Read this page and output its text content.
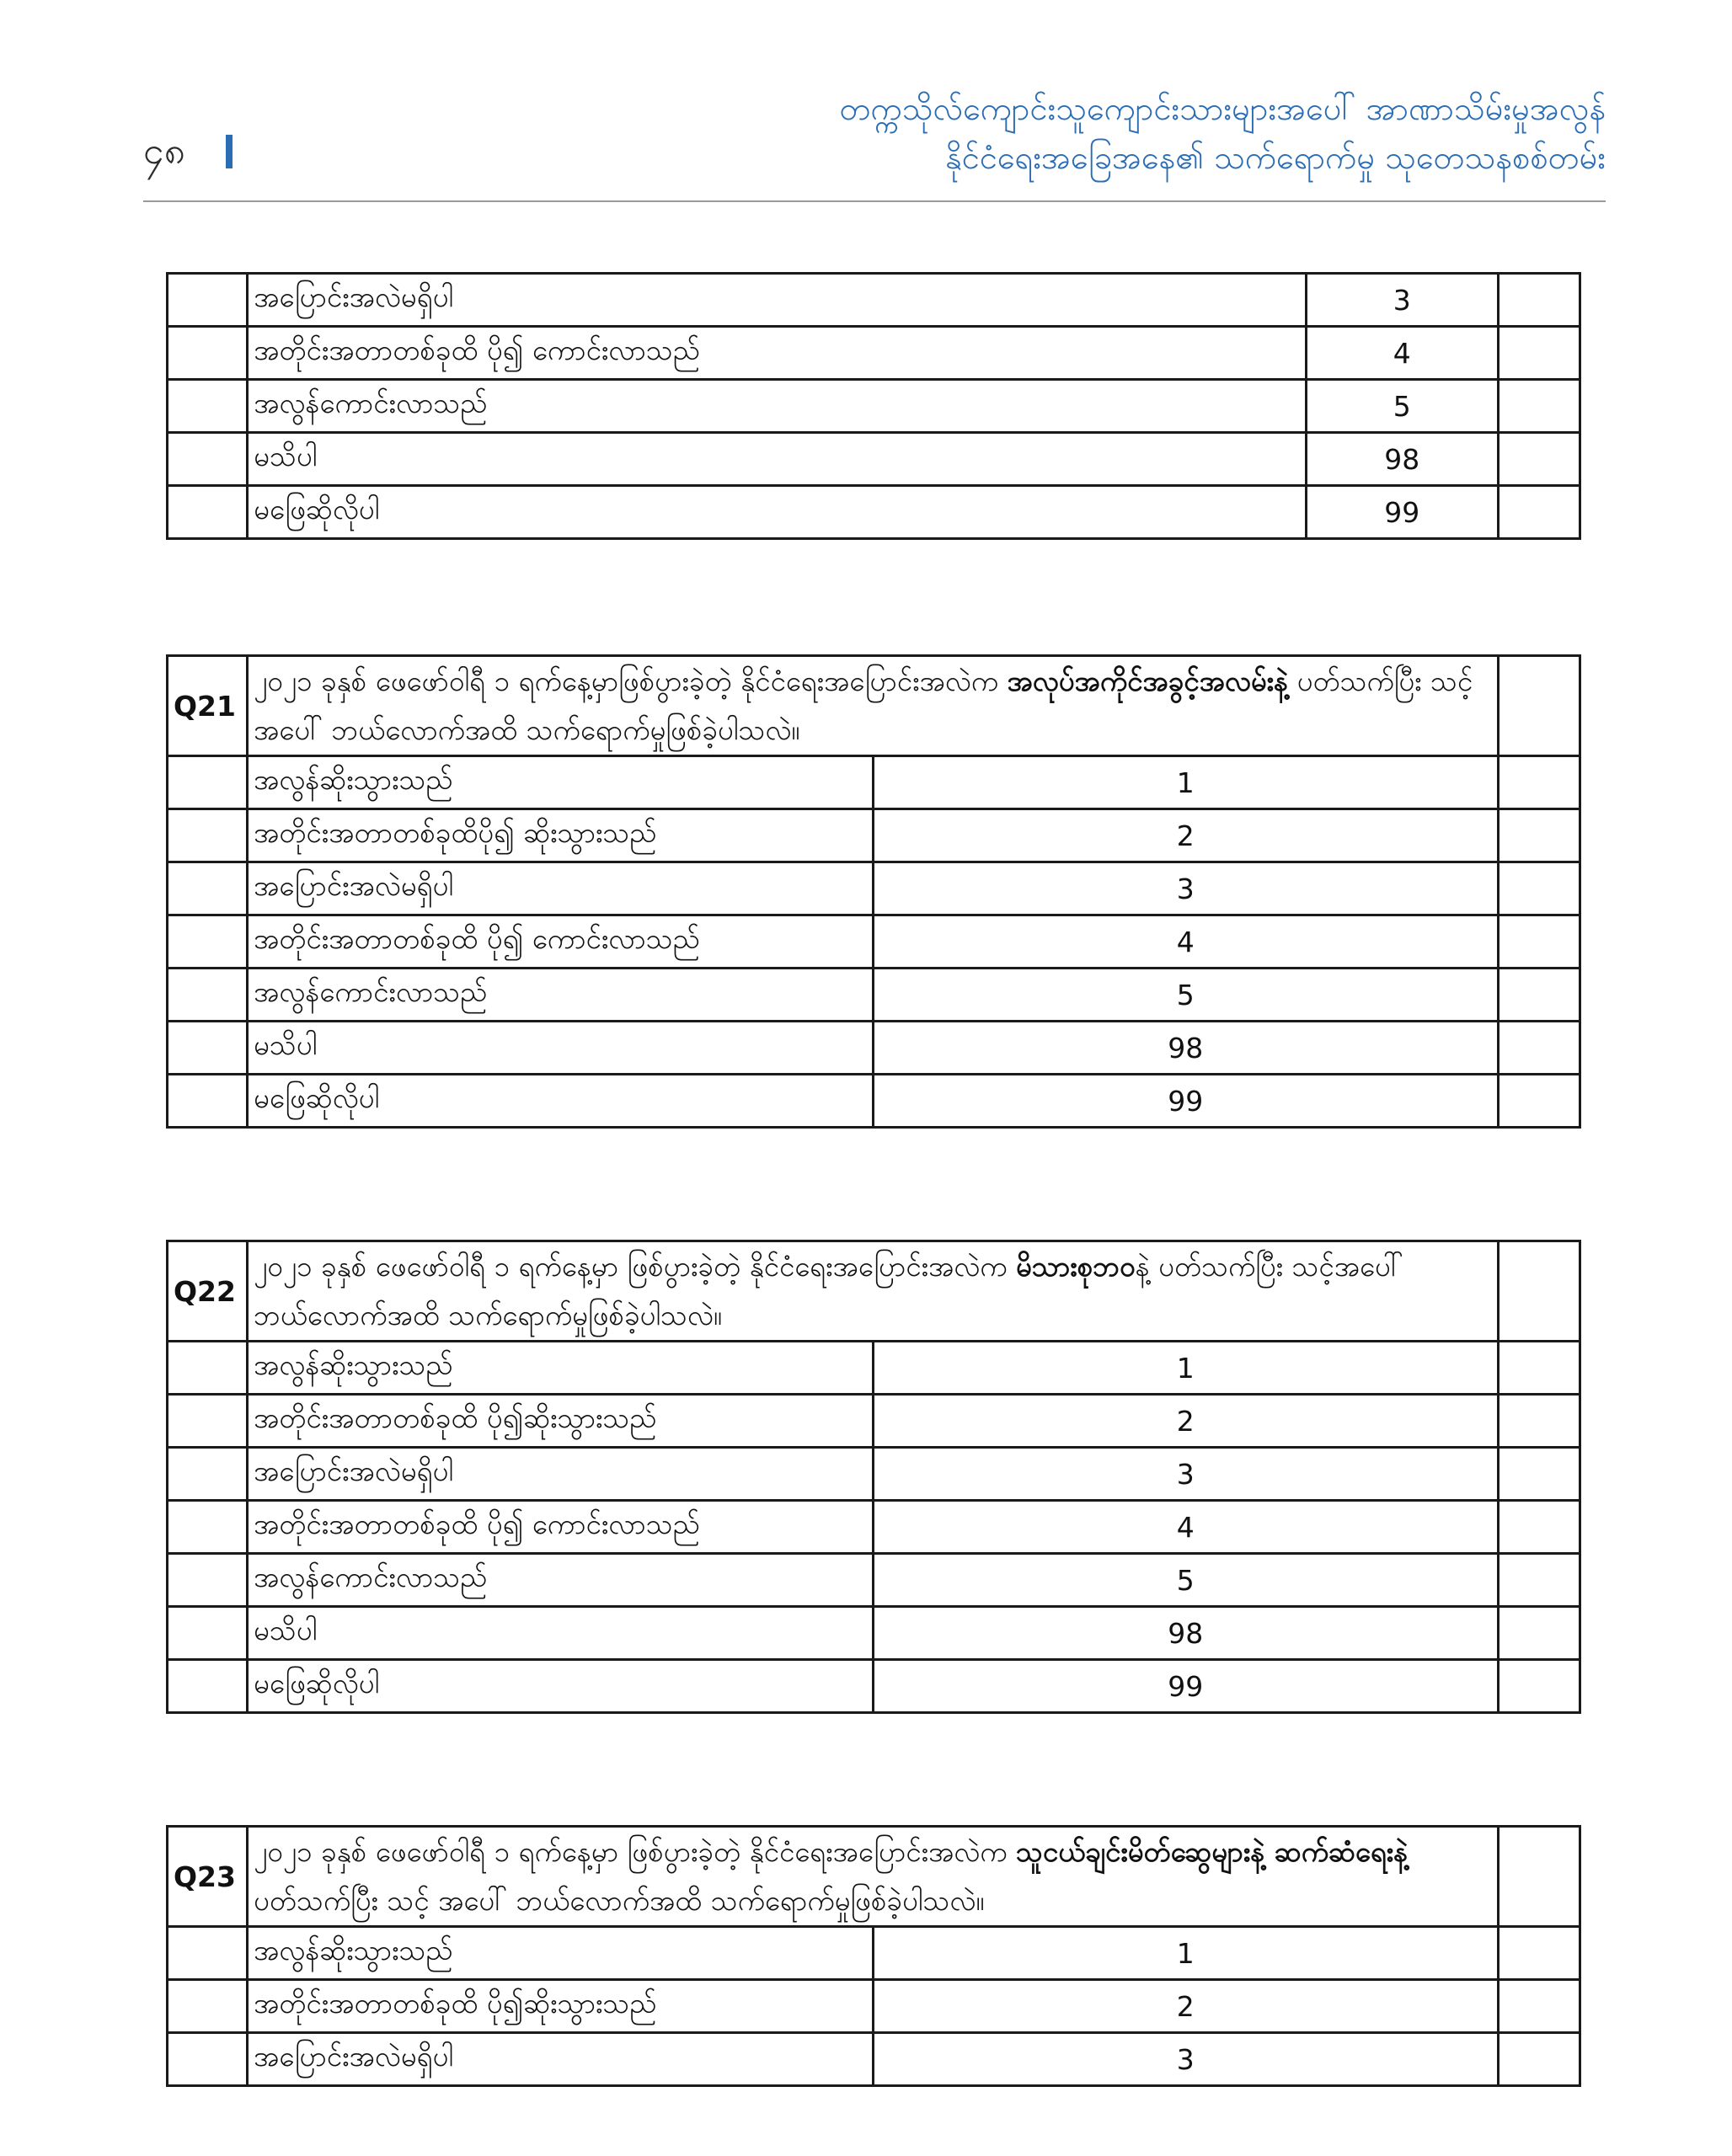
၄၈
တက္ကသိုလ်ကျောင်းသူကျောင်းသားများအပေါ် အာဏာသိမ်းမှုအလွန်
နိုင်ငံရေးအခြေအနေ၏ သက်ရောက်မှု သုတေသနစစ်တမ်း
	အပြောင်းအလဲမရှိပါ	3	
	အတိုင်းအတာတစ်ခုထိ ပို၍ ကောင်းလာသည်	4	
	အလွန်ကောင်းလာသည်	5	
	မသိပါ	98	
	မဖြေဆိုလိုပါ	99	
Q21	၂၀၂၁ ခုနှစ် ဖေဖော်ဝါရီ ၁ ရက်နေ့မှာဖြစ်ပွားခဲ့တဲ့ နိုင်ငံရေးအပြောင်းအလဲက အလုပ်အကိုင်အခွင့်အလမ်းနဲ့ ပတ်သက်ပြီး သင့်အပေါ် ဘယ်လောက်အထိ သက်ရောက်မှုဖြစ်ခဲ့ပါသလဲ။		
	အလွန်ဆိုးသွားသည်	1	
	အတိုင်းအတာတစ်ခုထိပို၍ ဆိုးသွားသည်	2	
	အပြောင်းအလဲမရှိပါ	3	
	အတိုင်းအတာတစ်ခုထိ ပို၍ ကောင်းလာသည်	4	
	အလွန်ကောင်းလာသည်	5	
	မသိပါ	98	
	မဖြေဆိုလိုပါ	99	
Q22	၂၀၂၁ ခုနှစ် ဖေဖော်ဝါရီ ၁ ရက်နေ့မှာ ဖြစ်ပွားခဲ့တဲ့ နိုင်ငံရေးအပြောင်းအလဲက မိသားစုဘဝနဲ့ ပတ်သက်ပြီး သင့်အပေါ် ဘယ်လောက်အထိ သက်ရောက်မှုဖြစ်ခဲ့ပါသလဲ။		
	အလွန်ဆိုးသွားသည်	1	
	အတိုင်းအတာတစ်ခုထိ ပို၍ဆိုးသွားသည်	2	
	အပြောင်းအလဲမရှိပါ	3	
	အတိုင်းအတာတစ်ခုထိ ပို၍ ကောင်းလာသည်	4	
	အလွန်ကောင်းလာသည်	5	
	မသိပါ	98	
	မဖြေဆိုလိုပါ	99	
Q23	၂၀၂၁ ခုနှစ် ဖေဖော်ဝါရီ ၁ ရက်နေ့မှာ ဖြစ်ပွားခဲ့တဲ့ နိုင်ငံရေးအပြောင်းအလဲက သူငယ်ချင်းမိတ်ဆွေများနဲ့ ဆက်ဆံရေးနဲ့ ပတ်သက်ပြီး သင့် အပေါ် ဘယ်လောက်အထိ သက်ရောက်မှုဖြစ်ခဲ့ပါသလဲ။		
	အလွန်ဆိုးသွားသည်	1	
	အတိုင်းအတာတစ်ခုထိ ပို၍ဆိုးသွားသည်	2	
	အပြောင်းအလဲမရှိပါ	3	
